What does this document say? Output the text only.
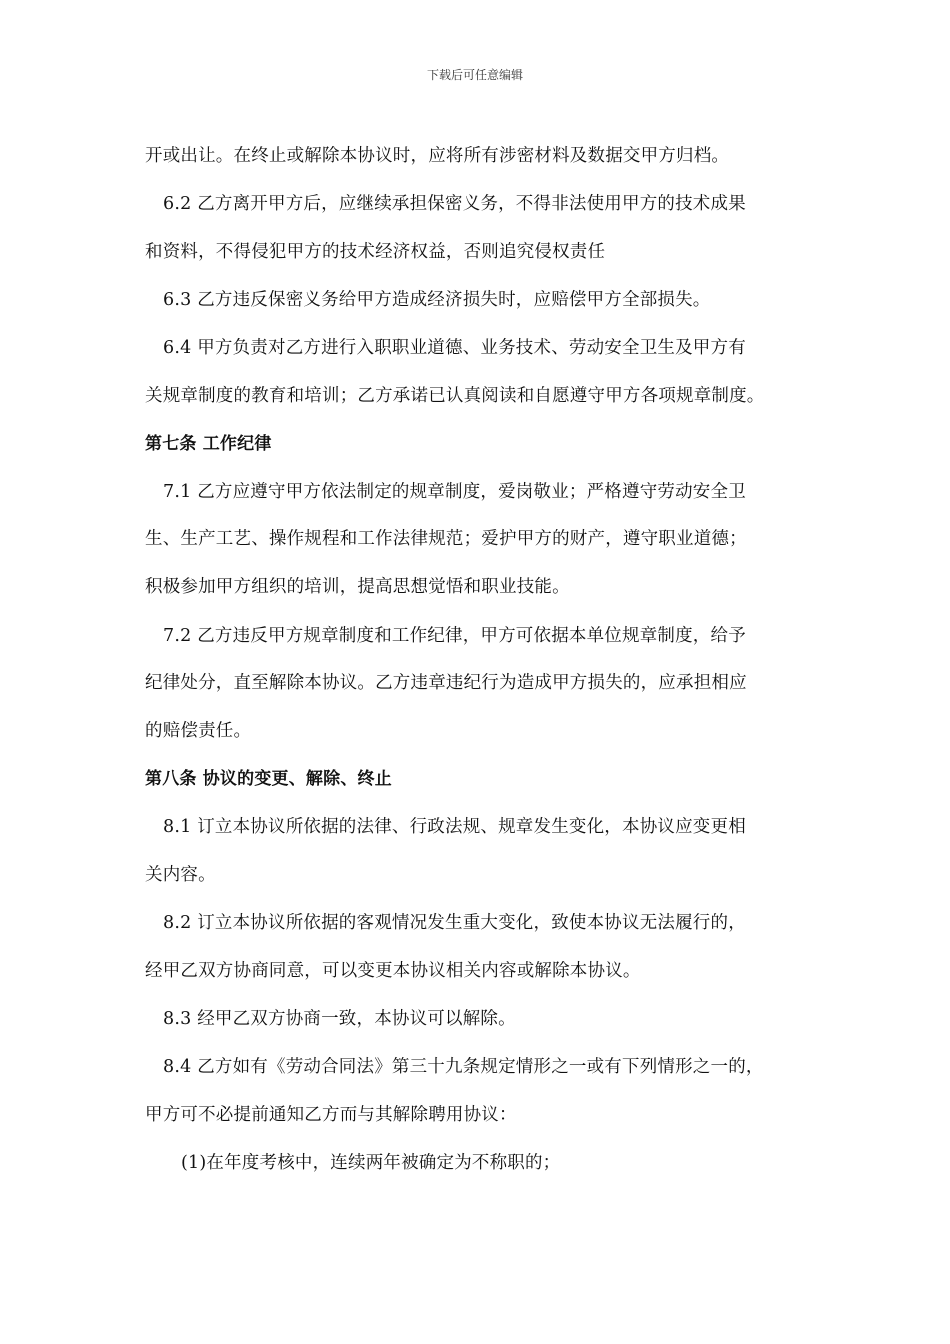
下载后可任意编辑
开或出让。在终止或解除本协议时，应将所有涉密材料及数据交甲方归档。
6.2 乙方离开甲方后，应继续承担保密义务，不得非法使用甲方的技术成果
和资料，不得侵犯甲方的技术经济权益，否则追究侵权责任
6.3 乙方违反保密义务给甲方造成经济损失时，应赔偿甲方全部损失。
6.4 甲方负责对乙方进行入职职业道德、业务技术、劳动安全卫生及甲方有
关规章制度的教育和培训；乙方承诺已认真阅读和自愿遵守甲方各项规章制度。
第七条 工作纪律
7.1 乙方应遵守甲方依法制定的规章制度，爱岗敬业；严格遵守劳动安全卫
生、生产工艺、操作规程和工作法律规范；爱护甲方的财产，遵守职业道德；
积极参加甲方组织的培训，提高思想觉悟和职业技能。
7.2 乙方违反甲方规章制度和工作纪律，甲方可依据本单位规章制度，给予
纪律处分，直至解除本协议。乙方违章违纪行为造成甲方损失的，应承担相应
的赔偿责任。
第八条 协议的变更、解除、终止
8.1 订立本协议所依据的法律、行政法规、规章发生变化，本协议应变更相
关内容。
8.2 订立本协议所依据的客观情况发生重大变化，致使本协议无法履行的，
经甲乙双方协商同意，可以变更本协议相关内容或解除本协议。
8.3 经甲乙双方协商一致，本协议可以解除。
8.4 乙方如有《劳动合同法》第三十九条规定情形之一或有下列情形之一的，
甲方可不必提前通知乙方而与其解除聘用协议：
(1)在年度考核中，连续两年被确定为不称职的；
